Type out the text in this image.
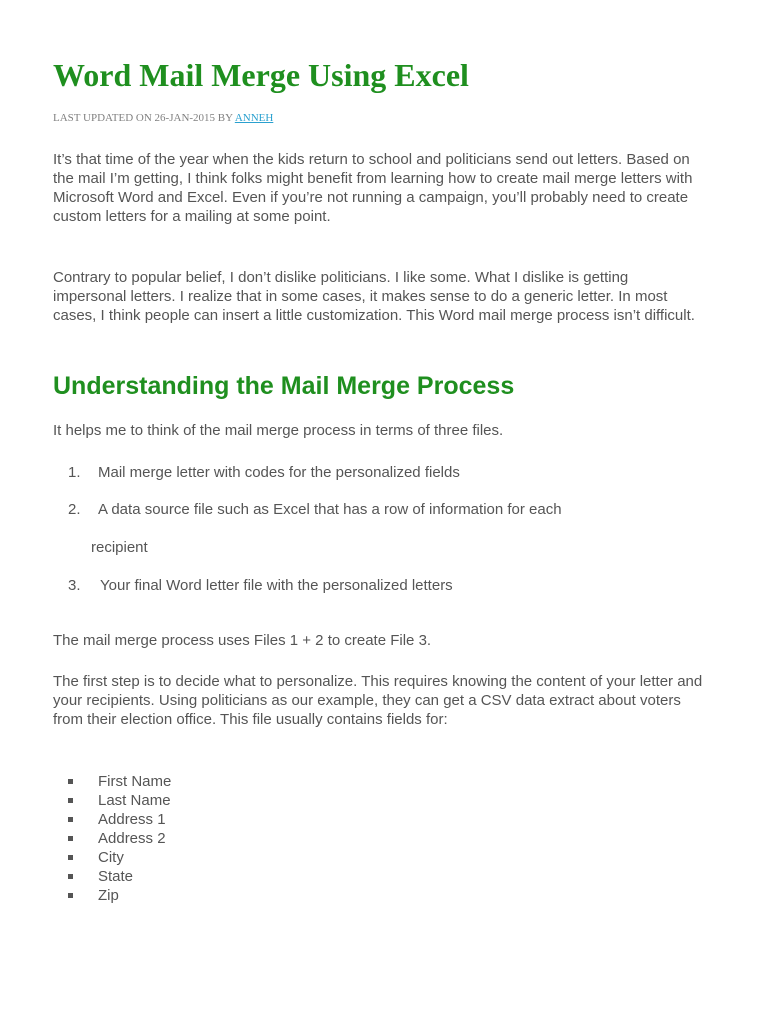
Word Mail Merge Using Excel
LAST UPDATED ON 26-JAN-2015 BY ANNEH

It’s that time of the year when the kids return to school and politicians send out letters. Based on the mail I’m getting, I think folks might benefit from learning how to create mail merge letters with Microsoft Word and Excel. Even if you’re not running a campaign, you’ll probably need to create custom letters for a mailing at some point.

Contrary to popular belief, I don’t dislike politicians. I like some. What I dislike is getting impersonal letters. I realize that in some cases, it makes sense to do a generic letter. In most cases, I think people can insert a little customization. This Word mail merge process isn’t difficult.

Understanding the Mail Merge Process

It helps me to think of the mail merge process in terms of three files.

1. Mail merge letter with codes for the personalized fields
2. A data source file such as Excel that has a row of information for each
recipient
3. Your final Word letter file with the personalized letters

The mail merge process uses Files 1 + 2 to create File 3.

The first step is to decide what to personalize. This requires knowing the content of your letter and your recipients. Using politicians as our example, they can get a CSV data extract about voters from their election office. This file usually contains fields for:

First Name
Last Name
Address 1
Address 2
City
State
Zip
